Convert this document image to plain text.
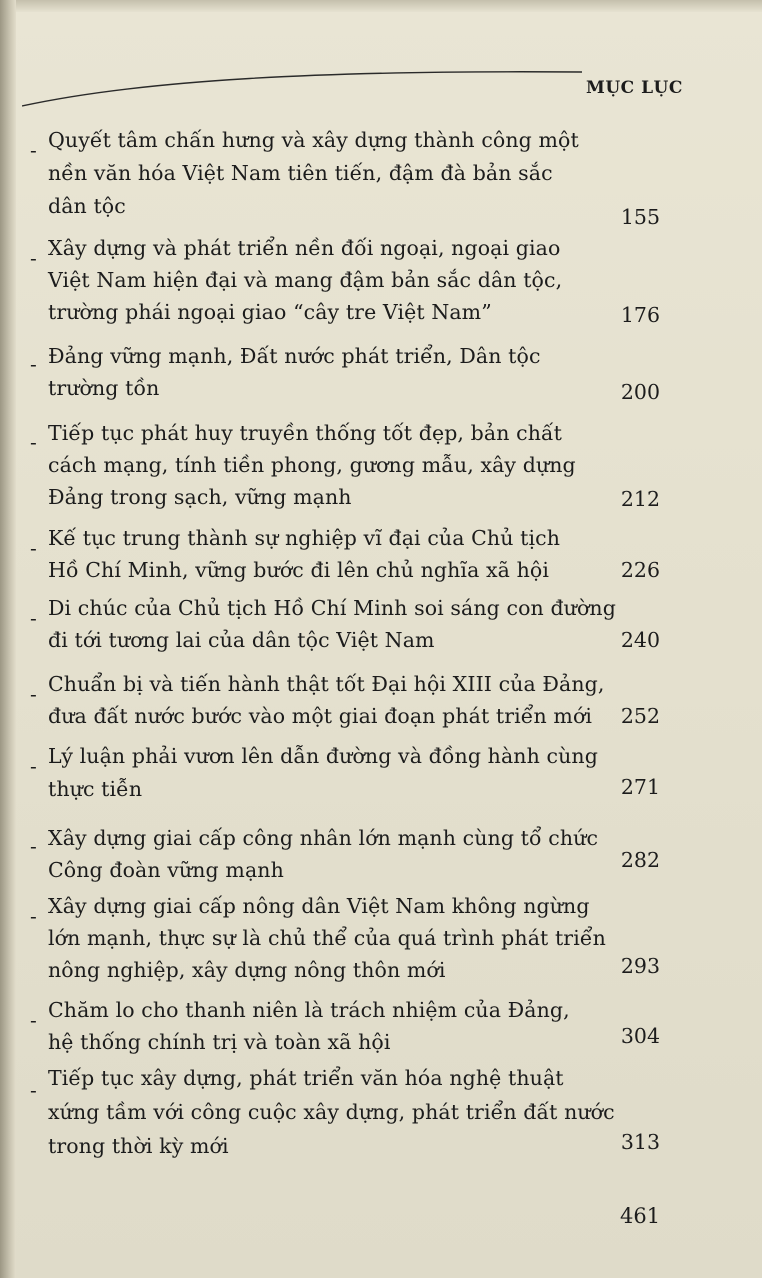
MỤC LỤC
- Quyết tâm chấn hưng và xây dựng thành công một
nền văn hóa Việt Nam tiên tiến, đậm đà bản sắc
dân tộc	155
- Xây dựng và phát triển nền đối ngoại, ngoại giao
Việt Nam hiện đại và mang đậm bản sắc dân tộc,
trường phái ngoại giao “cây tre Việt Nam”	176
- Đảng vững mạnh, Đất nước phát triển, Dân tộc
trường tồn	200
- Tiếp tục phát huy truyền thống tốt đẹp, bản chất
cách mạng, tính tiền phong, gương mẫu, xây dựng
Đảng trong sạch, vững mạnh	212
- Kế tục trung thành sự nghiệp vĩ đại của Chủ tịch
Hồ Chí Minh, vững bước đi lên chủ nghĩa xã hội	226
- Di chúc của Chủ tịch Hồ Chí Minh soi sáng con đường
đi tới tương lai của dân tộc Việt Nam	240
- Chuẩn bị và tiến hành thật tốt Đại hội XIII của Đảng,
đưa đất nước bước vào một giai đoạn phát triển mới 252
- Lý luận phải vươn lên dẫn đường và đồng hành cùng
thực tiễn	271
- Xây dựng giai cấp công nhân lớn mạnh cùng tổ chức
Công đoàn vững mạnh	282
- Xây dựng giai cấp nông dân Việt Nam không ngừng
lớn mạnh, thực sự là chủ thể của quá trình phát triển
nông nghiệp, xây dựng nông thôn mới	293
- Chăm lo cho thanh niên là trách nhiệm của Đảng,
hệ thống chính trị và toàn xã hội	304
- Tiếp tục xây dựng, phát triển văn hóa nghệ thuật
xứng tầm với công cuộc xây dựng, phát triển đất nước
trong thời kỳ mới	313
461
